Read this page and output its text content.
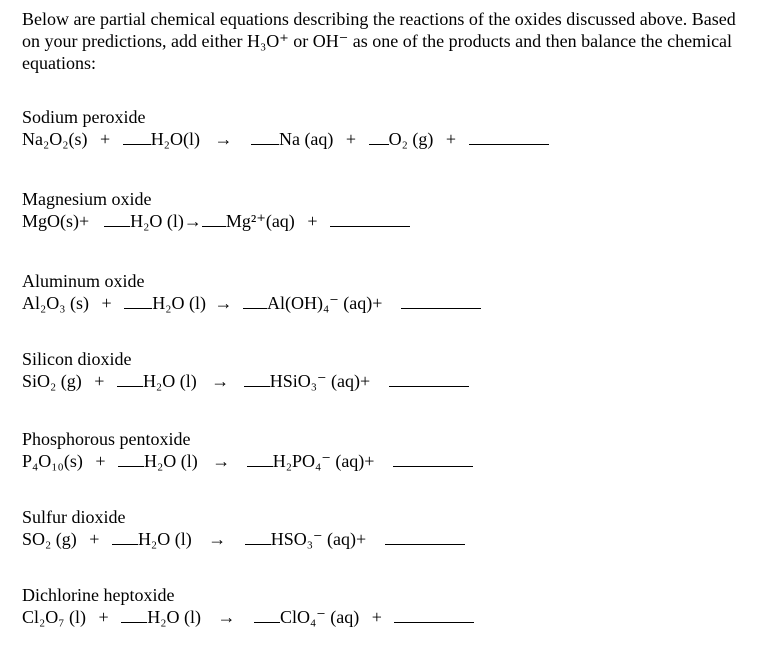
Below are partial chemical equations describing the reactions of the oxides discussed above. Based on your predictions, add either H₃O⁺ or OH⁻ as one of the products and then balance the chemical equations:
Sodium peroxide
Na₂O₂(s) + H₂O(l) →	Na (aq) + O₂ (g) +
Magnesium oxide
MgO(s)+ H₂O (l)→ Mg²⁺(aq) +
Aluminum oxide
Al₂O₃ (s) + H₂O (l) → Al(OH)₄⁻ (aq)+
Silicon dioxide
SiO₂ (g) + H₂O (l) → HSiO₃⁻ (aq)+
Phosphorous pentoxide
P₄O₁₀(s) + H₂O (l) → H₂PO₄⁻ (aq)+
Sulfur dioxide
SO₂ (g) + H₂O (l) → HSO₃⁻ (aq)+
Dichlorine heptoxide
Cl₂O₇ (l) + H₂O (l) → ClO₄⁻ (aq) +
